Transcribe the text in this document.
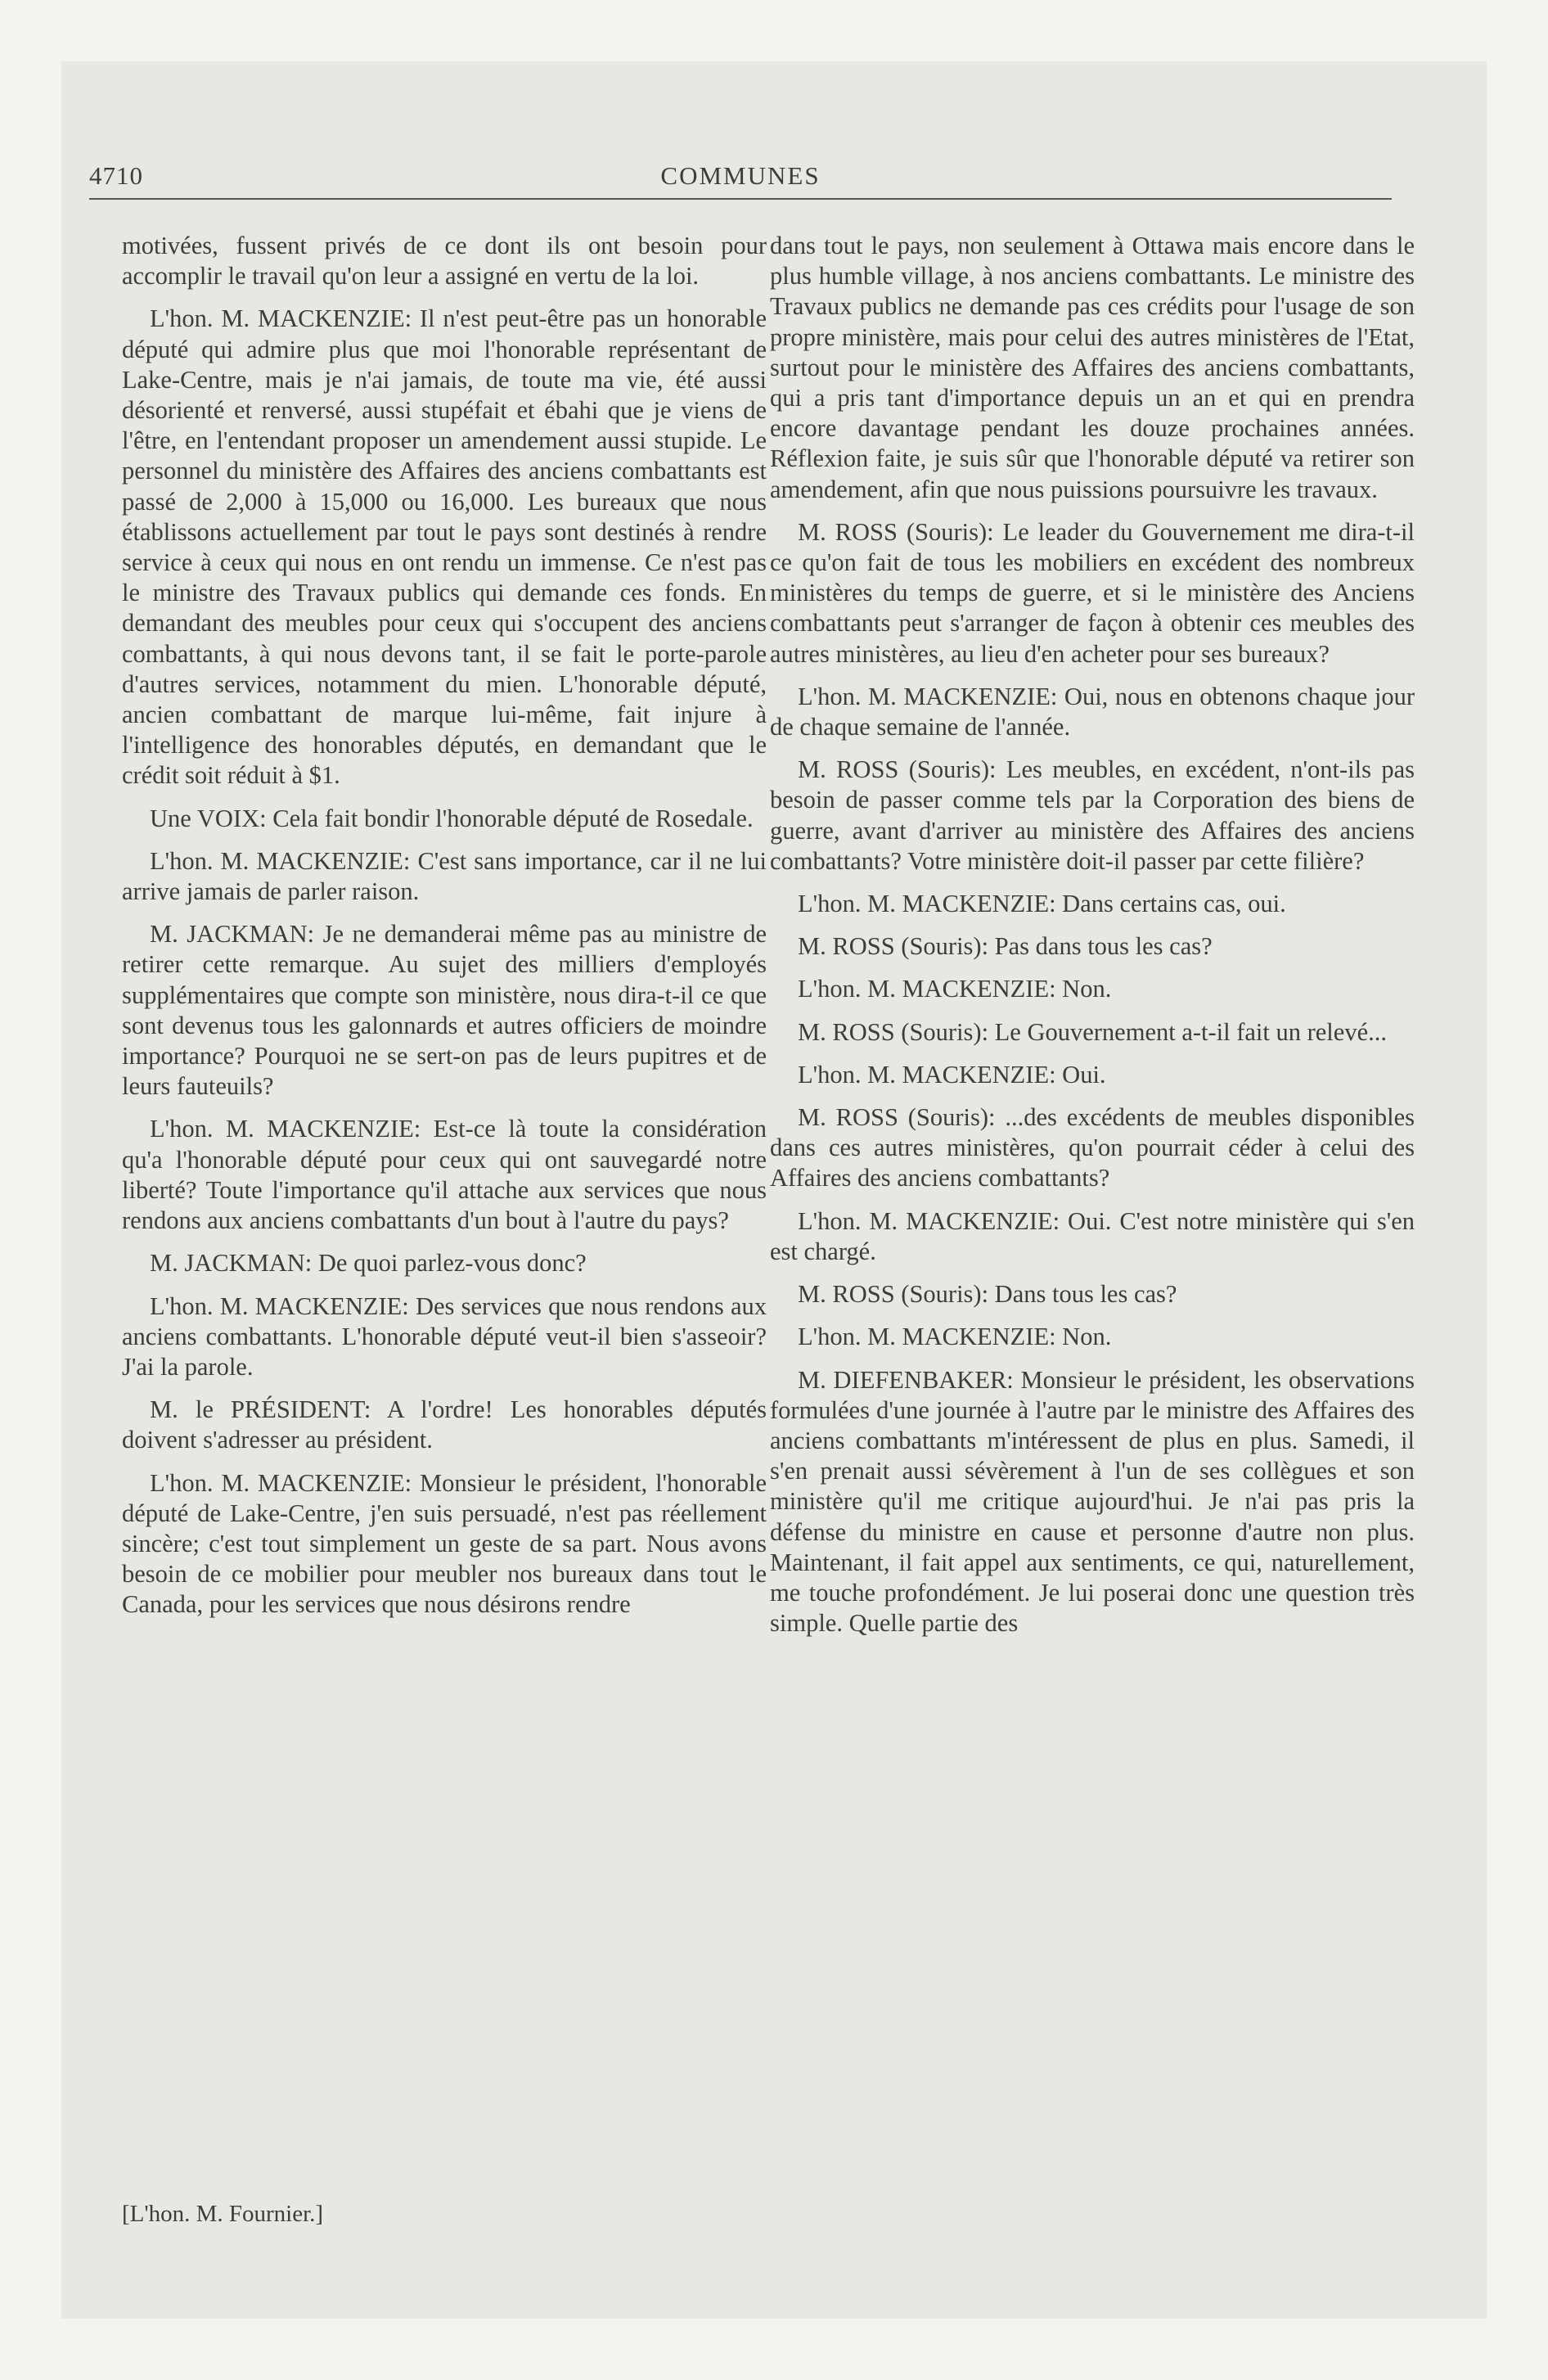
4710	COMMUNES

motivées, fussent privés de ce dont ils ont besoin pour accomplir le travail qu'on leur a assigné en vertu de la loi.

L'hon. M. MACKENZIE: Il n'est peut-être pas un honorable député qui admire plus que moi l'honorable représentant de Lake-Centre, mais je n'ai jamais, de toute ma vie, été aussi désorienté et renversé, aussi stupéfait et ébahi que je viens de l'être, en l'entendant proposer un amendement aussi stupide. Le personnel du ministère des Affaires des anciens combattants est passé de 2,000 à 15,000 ou 16,000. Les bureaux que nous établissons actuellement par tout le pays sont destinés à rendre service à ceux qui nous en ont rendu un immense. Ce n'est pas le ministre des Travaux publics qui demande ces fonds. En demandant des meubles pour ceux qui s'occupent des anciens combattants, à qui nous devons tant, il se fait le porte-parole d'autres services, notamment du mien. L'honorable député, ancien combattant de marque lui-même, fait injure à l'intelligence des honorables députés, en demandant que le crédit soit réduit à $1.

Une VOIX: Cela fait bondir l'honorable député de Rosedale.

L'hon. M. MACKENZIE: C'est sans importance, car il ne lui arrive jamais de parler raison.

M. JACKMAN: Je ne demanderai même pas au ministre de retirer cette remarque. Au sujet des milliers d'employés supplémentaires que compte son ministère, nous dira-t-il ce que sont devenus tous les galonnards et autres officiers de moindre importance? Pourquoi ne se sert-on pas de leurs pupitres et de leurs fauteuils?

L'hon. M. MACKENZIE: Est-ce là toute la considération qu'a l'honorable député pour ceux qui ont sauvegardé notre liberté? Toute l'importance qu'il attache aux services que nous rendons aux anciens combattants d'un bout à l'autre du pays?

M. JACKMAN: De quoi parlez-vous donc?

L'hon. M. MACKENZIE: Des services que nous rendons aux anciens combattants. L'honorable député veut-il bien s'asseoir? J'ai la parole.

M. le PRÉSIDENT: A l'ordre! Les honorables députés doivent s'adresser au président.

L'hon. M. MACKENZIE: Monsieur le président, l'honorable député de Lake-Centre, j'en suis persuadé, n'est pas réellement sincère; c'est tout simplement un geste de sa part. Nous avons besoin de ce mobilier pour meubler nos bureaux dans tout le Canada, pour les services que nous désirons rendre

dans tout le pays, non seulement à Ottawa mais encore dans le plus humble village, à nos anciens combattants. Le ministre des Travaux publics ne demande pas ces crédits pour l'usage de son propre ministère, mais pour celui des autres ministères de l'Etat, surtout pour le ministère des Affaires des anciens combattants, qui a pris tant d'importance depuis un an et qui en prendra encore davantage pendant les douze prochaines années. Réflexion faite, je suis sûr que l'honorable député va retirer son amendement, afin que nous puissions poursuivre les travaux.

M. ROSS (Souris): Le leader du Gouvernement me dira-t-il ce qu'on fait de tous les mobiliers en excédent des nombreux ministères du temps de guerre, et si le ministère des Anciens combattants peut s'arranger de façon à obtenir ces meubles des autres ministères, au lieu d'en acheter pour ses bureaux?

L'hon. M. MACKENZIE: Oui, nous en obtenons chaque jour de chaque semaine de l'année.

M. ROSS (Souris): Les meubles, en excédent, n'ont-ils pas besoin de passer comme tels par la Corporation des biens de guerre, avant d'arriver au ministère des Affaires des anciens combattants? Votre ministère doit-il passer par cette filière?

L'hon. M. MACKENZIE: Dans certains cas, oui.

M. ROSS (Souris): Pas dans tous les cas?

L'hon. M. MACKENZIE: Non.

M. ROSS (Souris): Le Gouvernement a-t-il fait un relevé...

L'hon. M. MACKENZIE: Oui.

M. ROSS (Souris): ...des excédents de meubles disponibles dans ces autres ministères, qu'on pourrait céder à celui des Affaires des anciens combattants?

L'hon. M. MACKENZIE: Oui. C'est notre ministère qui s'en est chargé.

M. ROSS (Souris): Dans tous les cas?

L'hon. M. MACKENZIE: Non.

M. DIEFENBAKER: Monsieur le président, les observations formulées d'une journée à l'autre par le ministre des Affaires des anciens combattants m'intéressent de plus en plus. Samedi, il s'en prenait aussi sévèrement à l'un de ses collègues et son ministère qu'il me critique aujourd'hui. Je n'ai pas pris la défense du ministre en cause et personne d'autre non plus. Maintenant, il fait appel aux sentiments, ce qui, naturellement, me touche profondément. Je lui poserai donc une question très simple. Quelle partie des

[L'hon. M. Fournier.]
